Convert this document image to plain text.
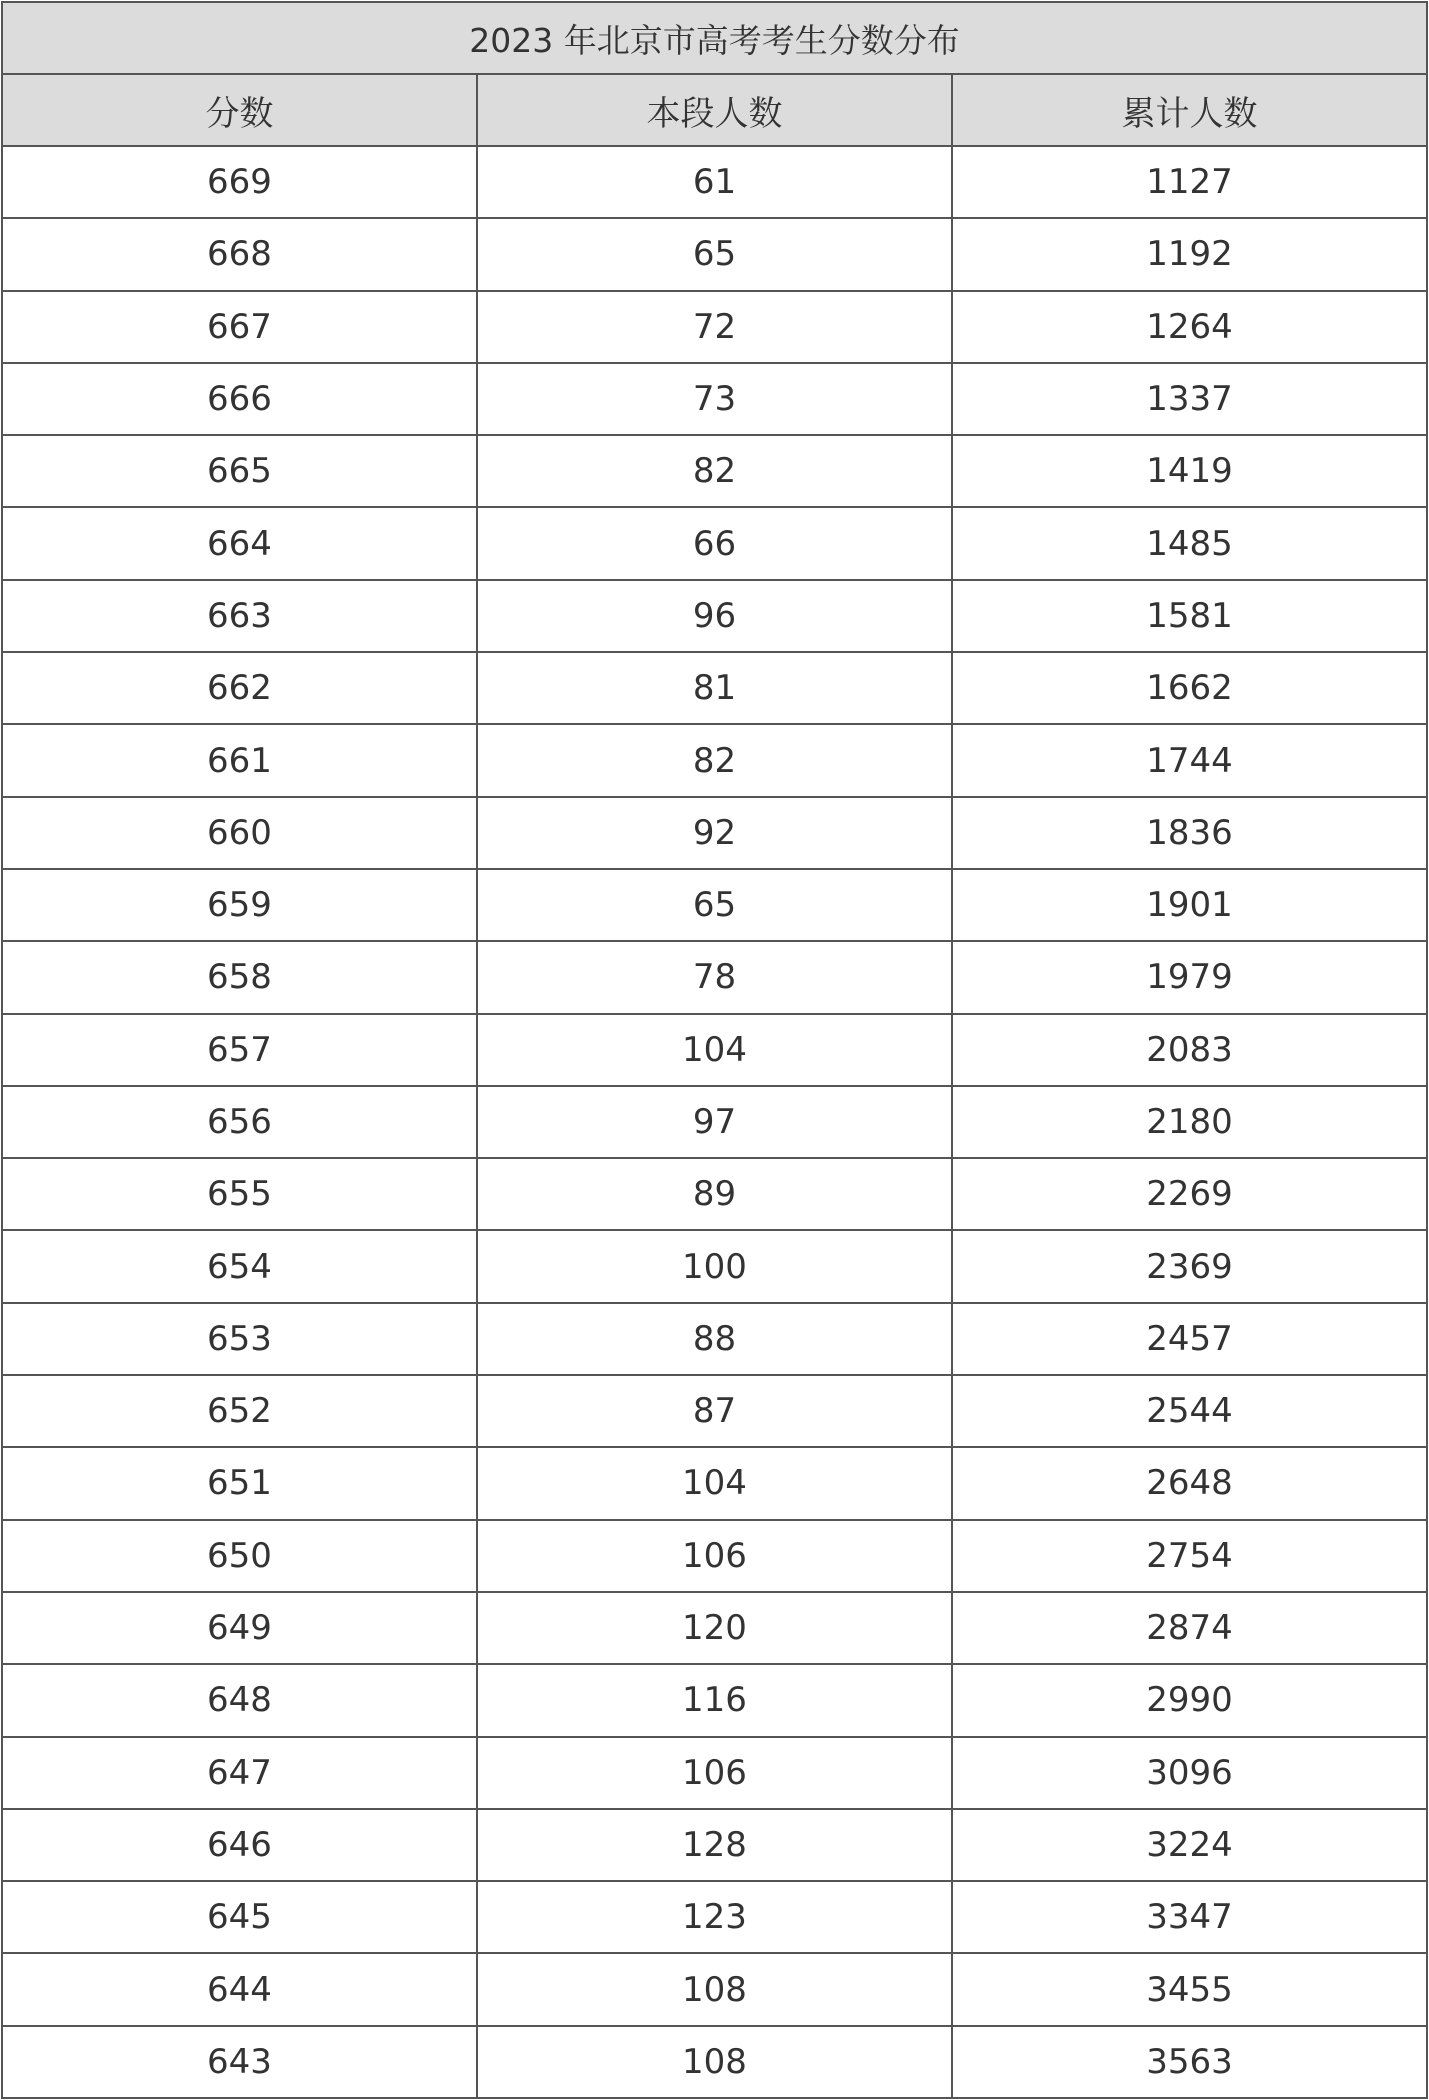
2023 年北京市高考考生分数分布		
分数	本段人数	累计人数
669	61	1127
668	65	1192
667	72	1264
666	73	1337
665	82	1419
664	66	1485
663	96	1581
662	81	1662
661	82	1744
660	92	1836
659	65	1901
658	78	1979
657	104	2083
656	97	2180
655	89	2269
654	100	2369
653	88	2457
652	87	2544
651	104	2648
650	106	2754
649	120	2874
648	116	2990
647	106	3096
646	128	3224
645	123	3347
644	108	3455
643	108	3563
